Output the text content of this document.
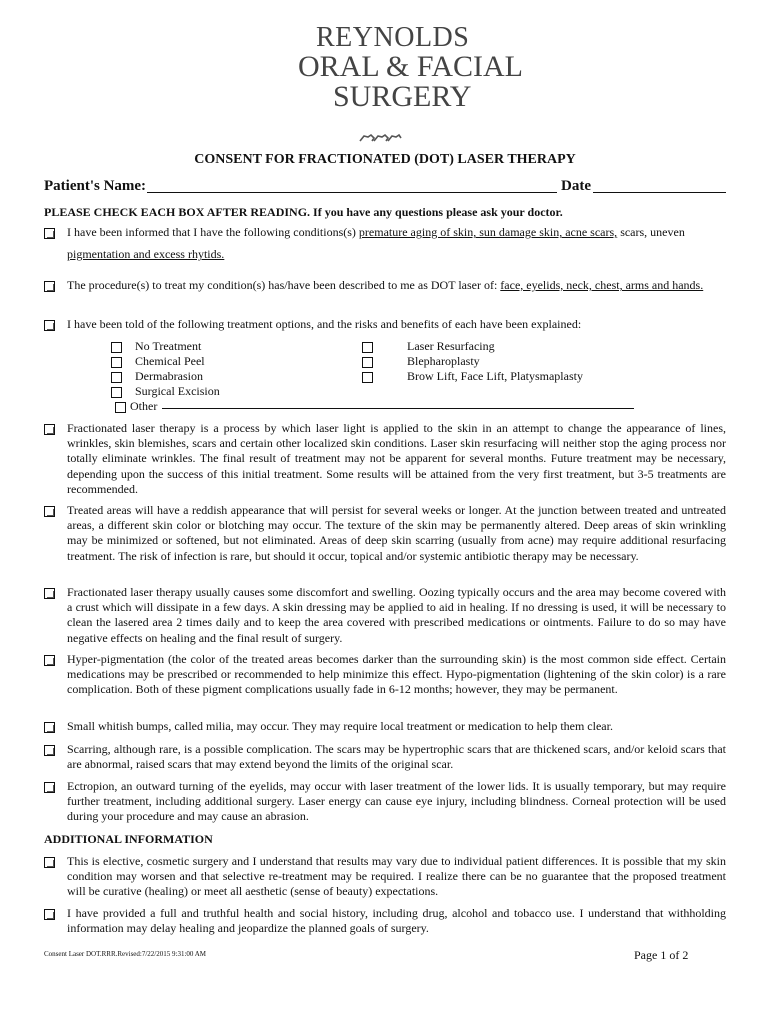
REYNOLDS
ORAL & FACIAL
SURGERY
CONSENT FOR FRACTIONATED (DOT) LASER THERAPY
Patient's Name:	Date
PLEASE CHECK EACH BOX AFTER READING. If you have any questions please ask your doctor.
I have been informed that I have the following conditions(s) premature aging of skin, sun damage skin, acne scars, scars, uneven
pigmentation and excess rhytids.
The procedure(s) to treat my condition(s) has/have been described to me as DOT laser of: face, eyelids, neck, chest, arms and hands.
I have been told of the following treatment options, and the risks and benefits of each have been explained:
No Treatment
Chemical Peel
Dermabrasion
Surgical Excision
Other
Laser Resurfacing
Blepharoplasty
Brow Lift, Face Lift, Platysmaplasty
Fractionated laser therapy is a process by which laser light is applied to the skin in an attempt to change the appearance of lines, wrinkles, skin blemishes, scars and certain other localized skin conditions. Laser skin resurfacing will neither stop the aging process nor totally eliminate wrinkles. The final result of treatment may not be apparent for several months. Future treatment may be necessary, depending upon the success of this initial treatment. Some results will be attained from the very first treatment, but 3-5 treatments are recommended.
Treated areas will have a reddish appearance that will persist for several weeks or longer. At the junction between treated and untreated areas, a different skin color or blotching may occur. The texture of the skin may be permanently altered. Deep areas of skin wrinkling may be minimized or softened, but not eliminated. Areas of deep skin scarring (usually from acne) may require additional resurfacing treatment. The risk of infection is rare, but should it occur, topical and/or systemic antibiotic therapy may be necessary.
Fractionated laser therapy usually causes some discomfort and swelling. Oozing typically occurs and the area may become covered with a crust which will dissipate in a few days. A skin dressing may be applied to aid in healing. If no dressing is used, it will be necessary to clean the lasered area 2 times daily and to keep the area covered with prescribed medications or ointments. Failure to do so may have negative effects on healing and the final result of surgery.
Hyper-pigmentation (the color of the treated areas becomes darker than the surrounding skin) is the most common side effect. Certain medications may be prescribed or recommended to help minimize this effect. Hypo-pigmentation (lightening of the skin color) is a rare complication. Both of these pigment complications usually fade in 6-12 months; however, they may be permanent.
Small whitish bumps, called milia, may occur. They may require local treatment or medication to help them clear.
Scarring, although rare, is a possible complication. The scars may be hypertrophic scars that are thickened scars, and/or keloid scars that are abnormal, raised scars that may extend beyond the limits of the original scar.
Ectropion, an outward turning of the eyelids, may occur with laser treatment of the lower lids. It is usually temporary, but may require further treatment, including additional surgery. Laser energy can cause eye injury, including blindness. Corneal protection will be used during your procedure and may cause an abrasion.
ADDITIONAL INFORMATION
This is elective, cosmetic surgery and I understand that results may vary due to individual patient differences. It is possible that my skin condition may worsen and that selective re-treatment may be required. I realize there can be no guarantee that the proposed treatment will be curative (healing) or meet all aesthetic (sense of beauty) expectations.
I have provided a full and truthful health and social history, including drug, alcohol and tobacco use. I understand that withholding information may delay healing and jeopardize the planned goals of surgery.
Consent Laser DOT.RRR.Revised:7/22/2015 9:31:00 AM	Page 1 of 2
